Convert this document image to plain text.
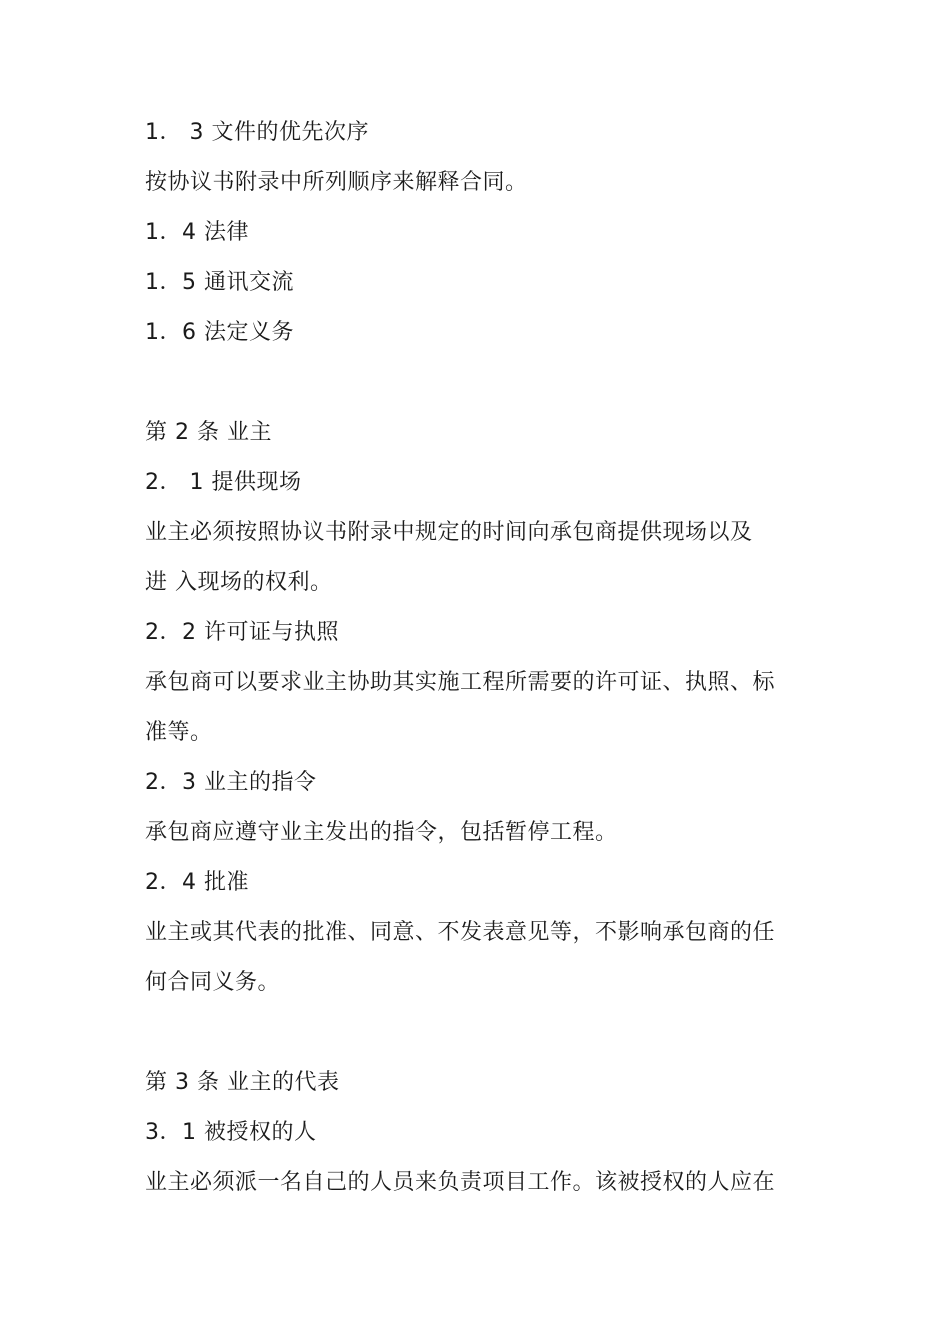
1． 3 文件的优先次序
按协议书附录中所列顺序来解释合同。
1．4 法律
1．5 通讯交流
1．6 法定义务
第 2 条 业主
2． 1 提供现场
业主必须按照协议书附录中规定的时间向承包商提供现场以及
进 入现场的权利。
2．2 许可证与执照
承包商可以要求业主协助其实施工程所需要的许可证、执照、标
准等。
2．3 业主的指令
承包商应遵守业主发出的指令，包括暂停工程。
2．4 批准
业主或其代表的批准、同意、不发表意见等，不影响承包商的任
何合同义务。
第 3 条 业主的代表
3．1 被授权的人
业主必须派一名自己的人员来负责项目工作。该被授权的人应在
